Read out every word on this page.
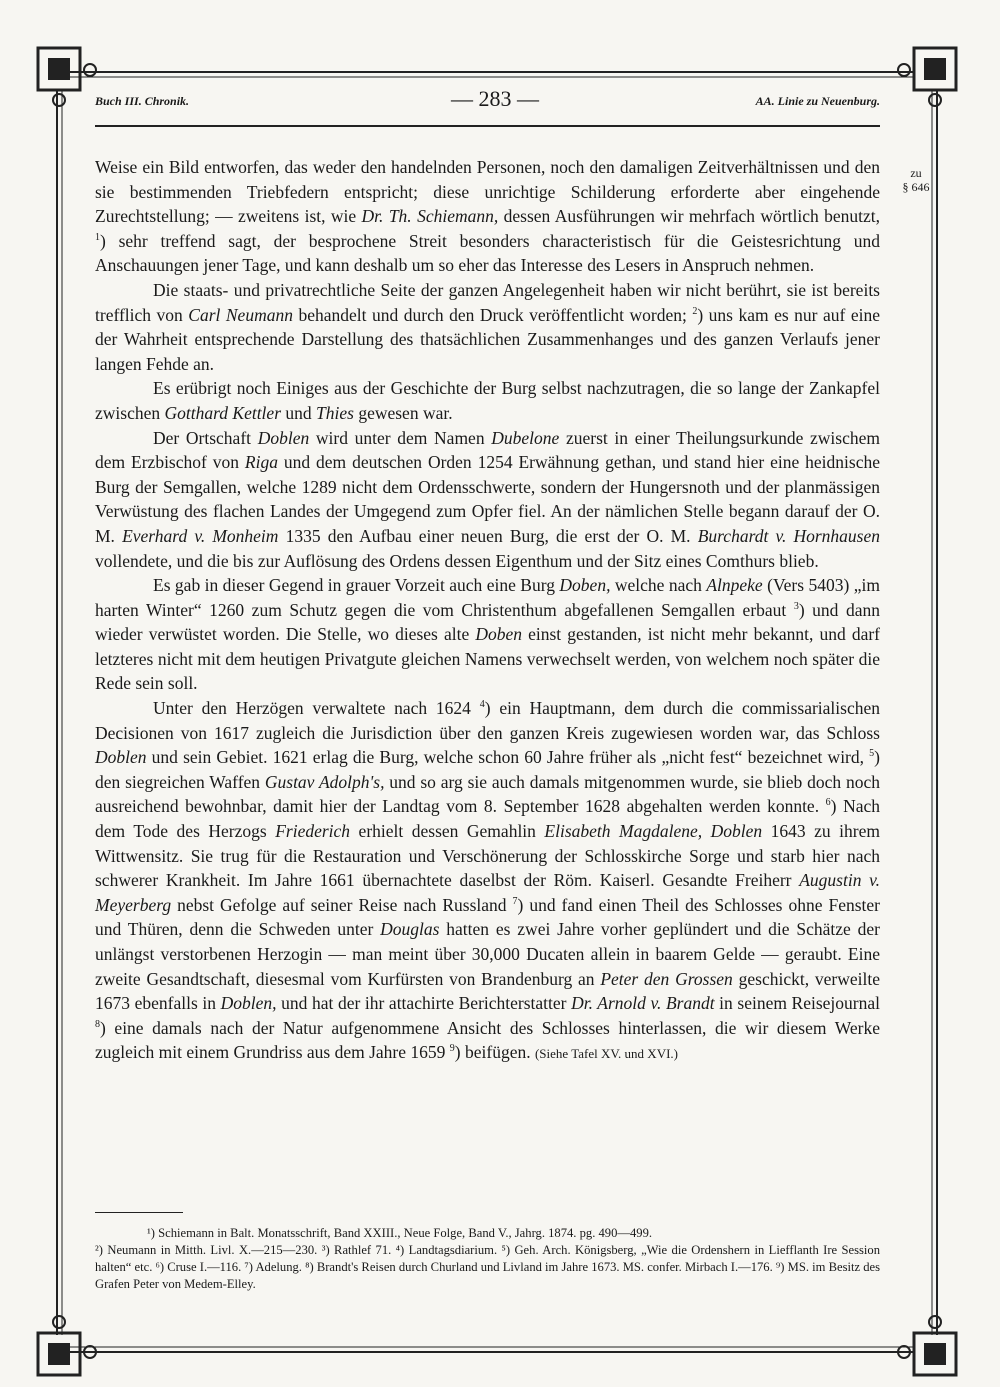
Buch III. Chronik.	— 283 —	AA. Linie zu Neuenburg.
zu
§ 646

Weise ein Bild entworfen, das weder den handelnden Personen, noch den damaligen Zeitverhältnissen und den sie bestimmenden Triebfedern entspricht; diese unrichtige Schilderung erforderte aber eingehende Zurechtstellung; — zweitens ist, wie Dr. Th. Schiemann, dessen Ausführungen wir mehrfach wörtlich benutzt, $^1$) sehr treffend sagt, der besprochene Streit besonders characteristisch für die Geistesrichtung und Anschauungen jener Tage, und kann deshalb um so eher das Interesse des Lesers in Anspruch nehmen.

Die staats- und privatrechtliche Seite der ganzen Angelegenheit haben wir nicht berührt, sie ist bereits trefflich von Carl Neumann behandelt und durch den Druck veröffentlicht worden; $^2$) uns kam es nur auf eine der Wahrheit entsprechende Darstellung des thatsächlichen Zusammenhanges und des ganzen Verlaufs jener langen Fehde an.

Es erübrigt noch Einiges aus der Geschichte der Burg selbst nachzutragen, die so lange der Zankapfel zwischen Gotthard Kettler und Thies gewesen war.

Der Ortschaft Doblen wird unter dem Namen Dubelone zuerst in einer Theilungsurkunde zwischem dem Erzbischof von Riga und dem deutschen Orden 1254 Erwähnung gethan, und stand hier eine heidnische Burg der Semgallen, welche 1289 nicht dem Ordensschwerte, sondern der Hungersnoth und der planmässigen Verwüstung des flachen Landes der Umgegend zum Opfer fiel. An der nämlichen Stelle begann darauf der O. M. Everhard v. Monheim 1335 den Aufbau einer neuen Burg, die erst der O. M. Burchardt v. Hornhausen vollendete, und die bis zur Auflösung des Ordens dessen Eigenthum und der Sitz eines Comthurs blieb.

Es gab in dieser Gegend in grauer Vorzeit auch eine Burg Doben, welche nach Alnpeke (Vers 5403) „im harten Winter“ 1260 zum Schutz gegen die vom Christenthum abgefallenen Semgallen erbaut $^3$) und dann wieder verwüstet worden. Die Stelle, wo dieses alte Doben einst gestanden, ist nicht mehr bekannt, und darf letzteres nicht mit dem heutigen Privatgute gleichen Namens verwechselt werden, von welchem noch später die Rede sein soll.

Unter den Herzögen verwaltete nach 1624 $^4$) ein Hauptmann, dem durch die commissarialischen Decisionen von 1617 zugleich die Jurisdiction über den ganzen Kreis zugewiesen worden war, das Schloss Doblen und sein Gebiet. 1621 erlag die Burg, welche schon 60 Jahre früher als „nicht fest“ bezeichnet wird, $^5$) den siegreichen Waffen Gustav Adolph's, und so arg sie auch damals mitgenommen wurde, sie blieb doch noch ausreichend bewohnbar, damit hier der Landtag vom 8. September 1628 abgehalten werden konnte. $^6$) Nach dem Tode des Herzogs Friederich erhielt dessen Gemahlin Elisabeth Magdalene, Doblen 1643 zu ihrem Wittwensitz. Sie trug für die Restauration und Verschönerung der Schlosskirche Sorge und starb hier nach schwerer Krankheit. Im Jahre 1661 übernachtete daselbst der Röm. Kaiserl. Gesandte Freiherr Augustin v. Meyerberg nebst Gefolge auf seiner Reise nach Russland $^7$) und fand einen Theil des Schlosses ohne Fenster und Thüren, denn die Schweden unter Douglas hatten es zwei Jahre vorher geplündert und die Schätze der unlängst verstorbenen Herzogin — man meint über 30,000 Ducaten allein in baarem Gelde — geraubt. Eine zweite Gesandtschaft, diesesmal vom Kurfürsten von Brandenburg an Peter den Grossen geschickt, verweilte 1673 ebenfalls in Doblen, und hat der ihr attachirte Berichterstatter Dr. Arnold v. Brandt in seinem Reisejournal $^8$) eine damals nach der Natur aufgenommene Ansicht des Schlosses hinterlassen, die wir diesem Werke zugleich mit einem Grundriss aus dem Jahre 1659 $^9$) beifügen. (Siehe Tafel XV. und XVI.)

¹) Schiemann in Balt. Monatsschrift, Band XXIII., Neue Folge, Band V., Jahrg. 1874. pg. 490—499.

²) Neumann in Mitth. Livl. X.—215—230. ³) Rathlef 71. ⁴) Landtagsdiarium. ⁵) Geh. Arch. Königsberg, „Wie die Ordenshern in Liefflanth Ire Session halten“ etc. ⁶) Cruse I.—116. ⁷) Adelung. ⁸) Brandt's Reisen durch Churland und Livland im Jahre 1673. MS. confer. Mirbach I.—176. ⁹) MS. im Besitz des Grafen Peter von Medem-Elley.
